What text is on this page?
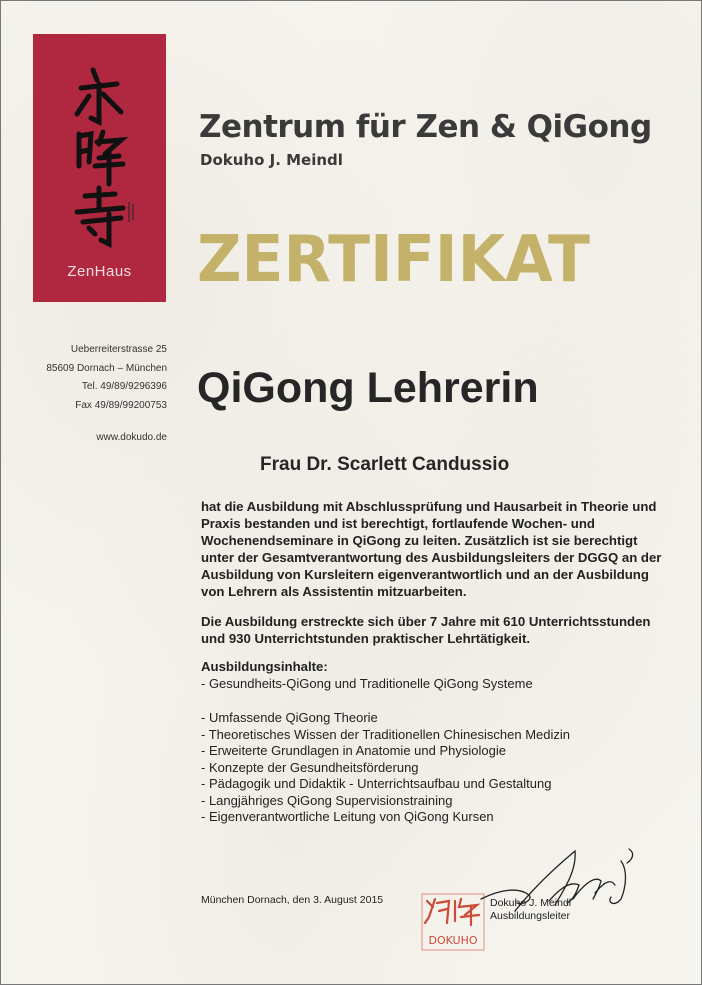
ZenHaus
Ueberreiterstrasse 25
85609 Dornach – München
Tel. 49/89/9296396
Fax 49/89/99200753
www.dokudo.de
Zentrum für Zen & QiGong
Dokuho J. Meindl
ZERTIFIKAT
QiGong Lehrerin
Frau Dr. Scarlett Candussio
hat die Ausbildung mit Abschlussprüfung und Hausarbeit in Theorie und Praxis bestanden und ist berechtigt, fortlaufende Wochen- und Wochenendseminare in QiGong zu leiten. Zusätzlich ist sie berechtigt unter der Gesamtverantwortung des Ausbildungsleiters der DGGQ an der Ausbildung von Kursleitern eigenverantwortlich und an der Ausbildung von Lehrern als Assistentin mitzuarbeiten.
Die Ausbildung erstreckte sich über 7 Jahre mit 610 Unterrichtsstunden und 930 Unterrichtstunden praktischer Lehrtätigkeit.
Ausbildungsinhalte:
- Gesundheits-QiGong und Traditionelle QiGong Systeme
- Umfassende QiGong Theorie
- Theoretisches Wissen der Traditionellen Chinesischen Medizin
- Erweiterte Grundlagen in Anatomie und Physiologie
- Konzepte der Gesundheitsförderung
- Pädagogik und Didaktik - Unterrichtsaufbau und Gestaltung
- Langjähriges QiGong Supervisionstraining
- Eigenverantwortliche Leitung von QiGong Kursen
München Dornach, den 3. August 2015
DOKUHO
Dokuho J. Meindl
Ausbildungsleiter
